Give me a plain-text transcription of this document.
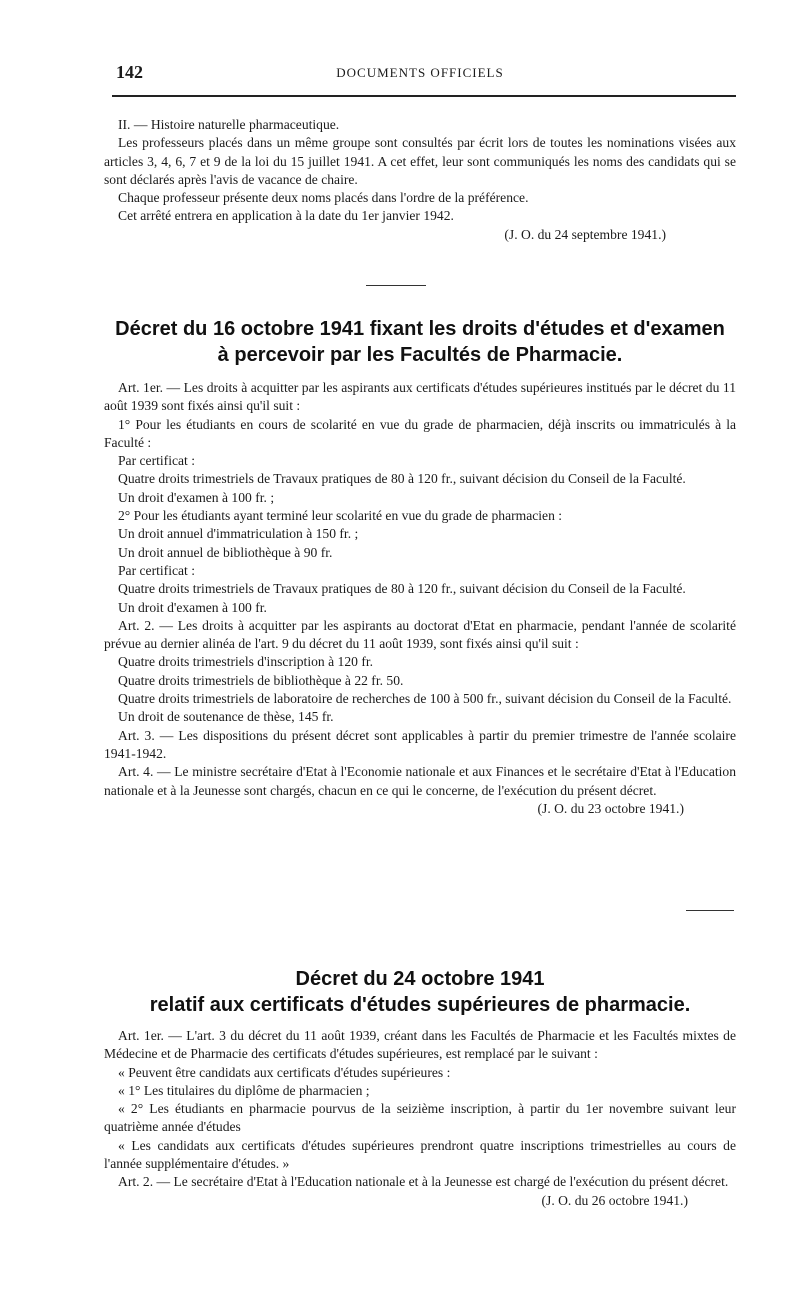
142	DOCUMENTS OFFICIELS

II. — Histoire naturelle pharmaceutique.

Les professeurs placés dans un même groupe sont consultés par écrit lors de toutes les nominations visées aux articles 3, 4, 6, 7 et 9 de la loi du 15 juillet 1941. A cet effet, leur sont communiqués les noms des candidats qui se sont déclarés après l'avis de vacance de chaire.

Chaque professeur présente deux noms placés dans l'ordre de la préférence.

Cet arrêté entrera en application à la date du 1er janvier 1942.

(J. O. du 24 septembre 1941.)

Décret du 16 octobre 1941 fixant les droits d'études et d'examen
à percevoir par les Facultés de Pharmacie.

Art. 1er. — Les droits à acquitter par les aspirants aux certificats d'études supérieures institués par le décret du 11 août 1939 sont fixés ainsi qu'il suit :

1° Pour les étudiants en cours de scolarité en vue du grade de pharmacien, déjà inscrits ou immatriculés à la Faculté :

Par certificat :

Quatre droits trimestriels de Travaux pratiques de 80 à 120 fr., suivant décision du Conseil de la Faculté.

Un droit d'examen à 100 fr. ;

2° Pour les étudiants ayant terminé leur scolarité en vue du grade de pharmacien :

Un droit annuel d'immatriculation à 150 fr. ;

Un droit annuel de bibliothèque à 90 fr.

Par certificat :

Quatre droits trimestriels de Travaux pratiques de 80 à 120 fr., suivant décision du Conseil de la Faculté.

Un droit d'examen à 100 fr.

Art. 2. — Les droits à acquitter par les aspirants au doctorat d'Etat en pharmacie, pendant l'année de scolarité prévue au dernier alinéa de l'art. 9 du décret du 11 août 1939, sont fixés ainsi qu'il suit :

Quatre droits trimestriels d'inscription à 120 fr.

Quatre droits trimestriels de bibliothèque à 22 fr. 50.

Quatre droits trimestriels de laboratoire de recherches de 100 à 500 fr., suivant décision du Conseil de la Faculté.

Un droit de soutenance de thèse, 145 fr.

Art. 3. — Les dispositions du présent décret sont applicables à partir du premier trimestre de l'année scolaire 1941-1942.

Art. 4. — Le ministre secrétaire d'Etat à l'Economie nationale et aux Finances et le secrétaire d'Etat à l'Education nationale et à la Jeunesse sont chargés, chacun en ce qui le concerne, de l'exécution du présent décret.

(J. O. du 23 octobre 1941.)

Décret du 24 octobre 1941
relatif aux certificats d'études supérieures de pharmacie.

Art. 1er. — L'art. 3 du décret du 11 août 1939, créant dans les Facultés de Pharmacie et les Facultés mixtes de Médecine et de Pharmacie des certificats d'études supérieures, est remplacé par le suivant :

« Peuvent être candidats aux certificats d'études supérieures :

« 1° Les titulaires du diplôme de pharmacien ;

« 2° Les étudiants en pharmacie pourvus de la seizième inscription, à partir du 1er novembre suivant leur quatrième année d'études

« Les candidats aux certificats d'études supérieures prendront quatre inscriptions trimestrielles au cours de l'année supplémentaire d'études. »

Art. 2. — Le secrétaire d'Etat à l'Education nationale et à la Jeunesse est chargé de l'exécution du présent décret.

(J. O. du 26 octobre 1941.)
